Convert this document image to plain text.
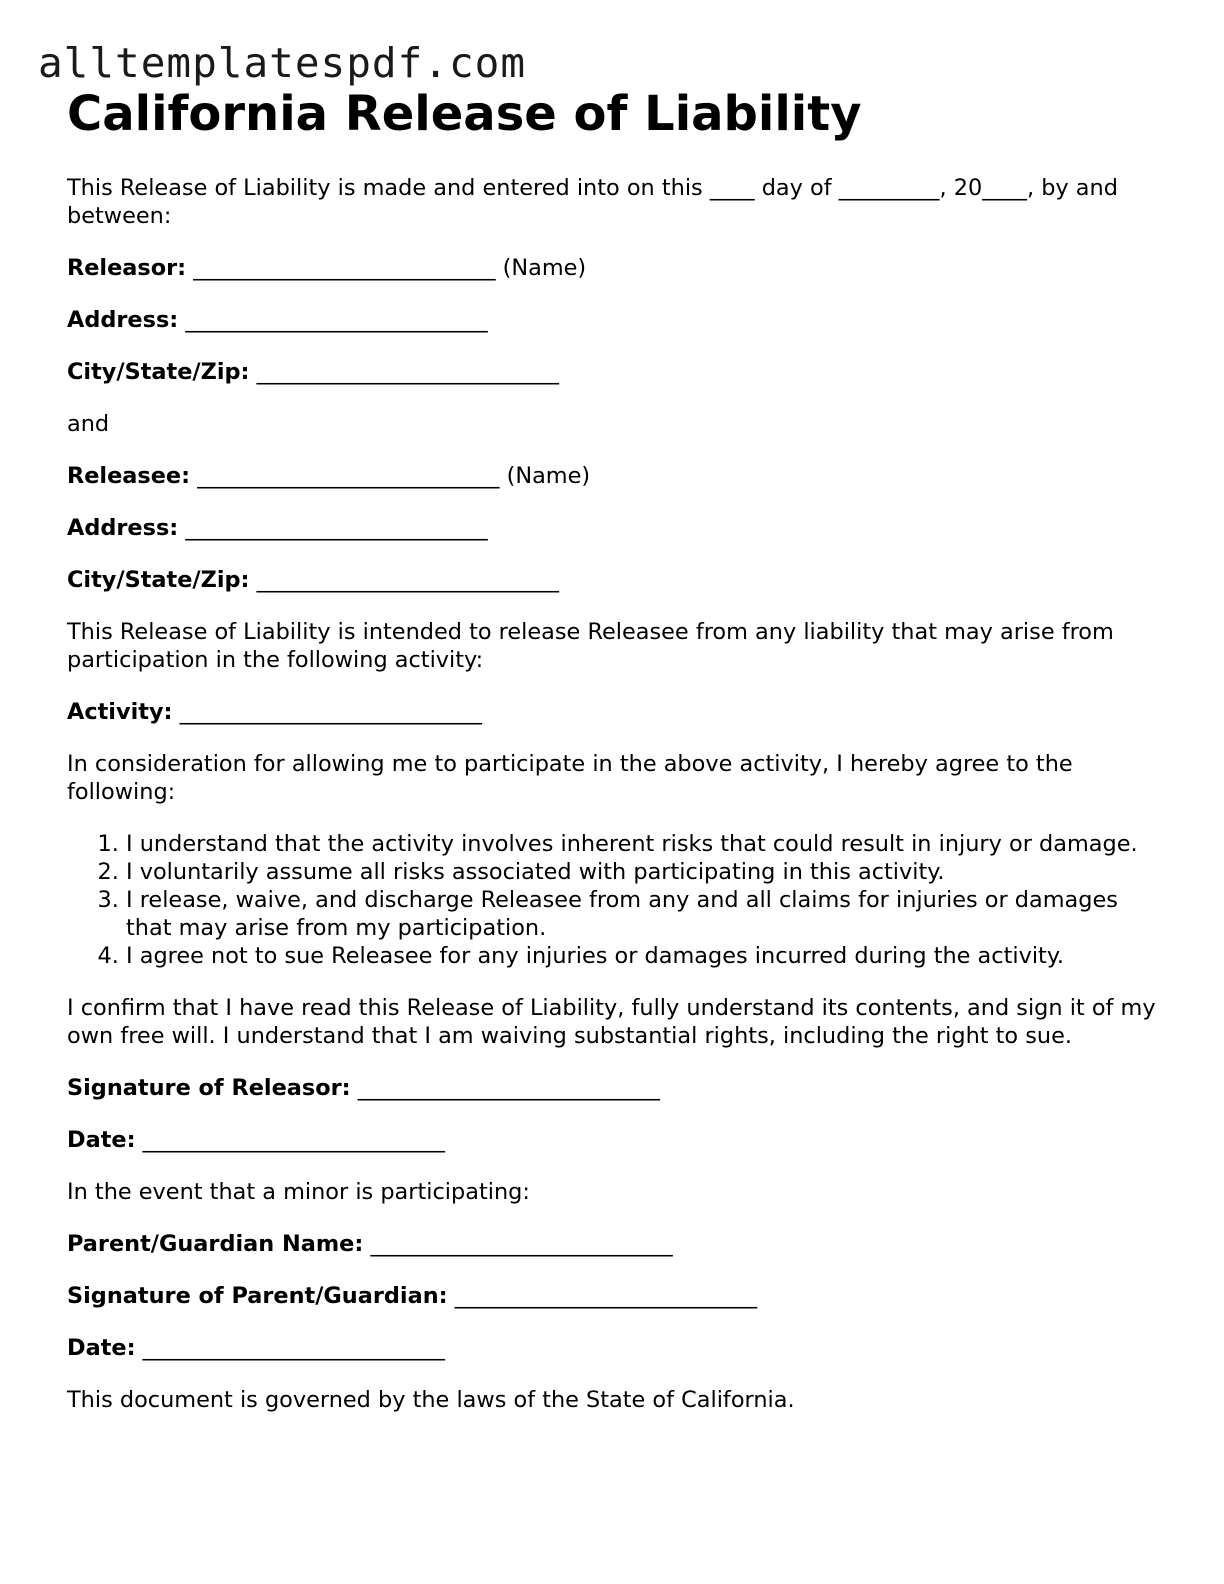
alltemplatespdf.com
California Release of Liability

This Release of Liability is made and entered into on this ____ day of _________, 20____, by and between:

Releasor: ___________________________ (Name)
Address: ___________________________
City/State/Zip: ___________________________

and

Releasee: ___________________________ (Name)
Address: ___________________________
City/State/Zip: ___________________________

This Release of Liability is intended to release Releasee from any liability that may arise from participation in the following activity:

Activity: ___________________________

In consideration for allowing me to participate in the above activity, I hereby agree to the following:

1. I understand that the activity involves inherent risks that could result in injury or damage.
2. I voluntarily assume all risks associated with participating in this activity.
3. I release, waive, and discharge Releasee from any and all claims for injuries or damages that may arise from my participation.
4. I agree not to sue Releasee for any injuries or damages incurred during the activity.

I confirm that I have read this Release of Liability, fully understand its contents, and sign it of my own free will. I understand that I am waiving substantial rights, including the right to sue.

Signature of Releasor: ___________________________
Date: ___________________________

In the event that a minor is participating:

Parent/Guardian Name: ___________________________
Signature of Parent/Guardian: ___________________________
Date: ___________________________

This document is governed by the laws of the State of California.
